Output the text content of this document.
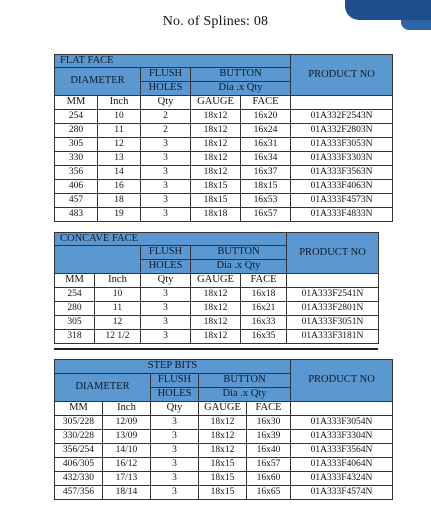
No. of Splines: 08
FLAT FACE					PRODUCT NO
DIAMETER		FLUSH	BUTTON		
		HOLES	Dia .x Qty		
MM	Inch	Qty	GAUGE	FACE	
254	10	2	18x12	16x20	01A332F2543N
280	11	2	18x12	16x24	01A332F2803N
305	12	3	18x12	16x31	01A333F3053N
330	13	3	18x12	16x34	01A333F3303N
356	14	3	18x12	16x37	01A333F3563N
406	16	3	18x15	18x15	01A333F4063N
457	18	3	18x15	16x53	01A333F4573N
483	19	3	18x18	16x57	01A333F4833N
CONCAVE FACE					PRODUCT NO
		FLUSH	BUTTON		
		HOLES	Dia .x Qty		
MM	Inch	Qty	GAUGE	FACE	
254	10	3	18x12	16x18	01A333F2541N
280	11	3	18x12	16x21	01A333F2801N
305	12	3	18x12	16x33	01A333F3051N
318	12 1/2	3	18x12	16x35	01A333F3181N
STEP BITS					PRODUCT NO
DIAMETER		FLUSH	BUTTON		
		HOLES	Dia .x Qty		
MM	Inch	Qty	GAUGE	FACE	
305/228	12/09	3	18x12	16x30	01A333F3054N
330/228	13/09	3	18x12	16x39	01A333F3304N
356/254	14/10	3	18x12	16x40	01A333F3564N
406/305	16/12	3	18x15	16x57	01A333F4064N
432/330	17/13	3	18x15	16x60	01A333F4324N
457/356	18/14	3	18x15	16x65	01A333F4574N
